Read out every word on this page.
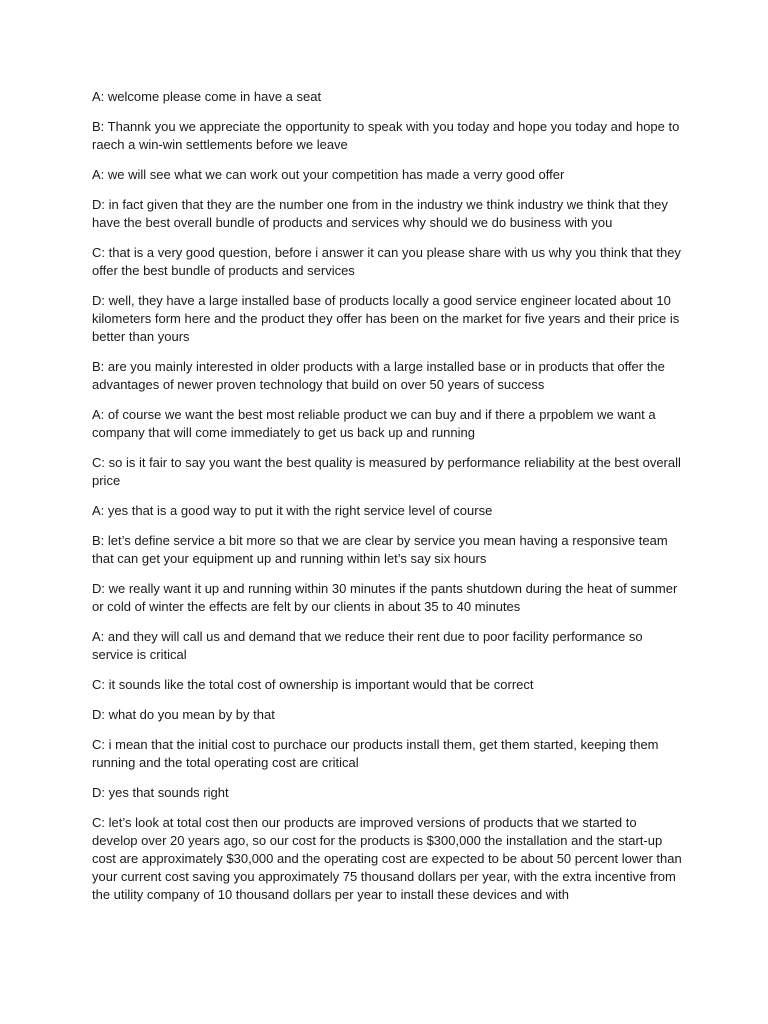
A: welcome please come in have a seat

B: Thannk you we appreciate the opportunity to speak with you today and hope you today and hope to raech a win-win settlements before we leave

A: we will see what we can work out your competition has made a verry good offer

D: in fact given that they are the number one from in the industry we think industry we think that they have the best overall bundle of products and services why should we do business with you

C: that is a very good question, before i answer it can you please share with us why you think that they offer the best bundle of products and services

D: well, they have a large installed base of products locally a good service engineer located about 10 kilometers form here and the product they offer has been on the market for five years and their price is better than yours

B: are you mainly interested in older products with a large installed base or in products that offer the advantages of newer proven technology that build on over 50 years of success

A: of course we want the best most reliable product we can buy and if there a prpoblem we want a company that will come immediately to get us back up and running

C: so is it fair to say you want the best quality is measured by performance reliability at the best overall price

A: yes that is a good way to put it with the right service level of course

B: let’s define service a bit more so that we are clear by service you mean having a responsive team that can get your equipment up and running within let’s say six hours

D: we really want it up and running within 30 minutes if the pants shutdown during the heat of summer or cold of winter the effects are felt by our clients in about 35 to 40 minutes

A: and they will call us and demand that we reduce their rent due to poor facility performance so service is critical

C: it sounds like the total cost of ownership is important would that be correct

D: what do you mean by by that

C: i mean that the initial cost to purchace our products install them, get them started, keeping them running and the total operating cost are critical

D: yes that sounds right

C: let’s look at total cost then our products are improved versions of products that we started to develop over 20 years ago, so our cost for the products is $300,000 the installation and the start-up cost are approximately $30,000 and the operating cost are expected to be about 50 percent lower than your current cost saving you approximately 75 thousand dollars per year, with the extra incentive from the utility company of 10 thousand dollars per year to install these devices and with
